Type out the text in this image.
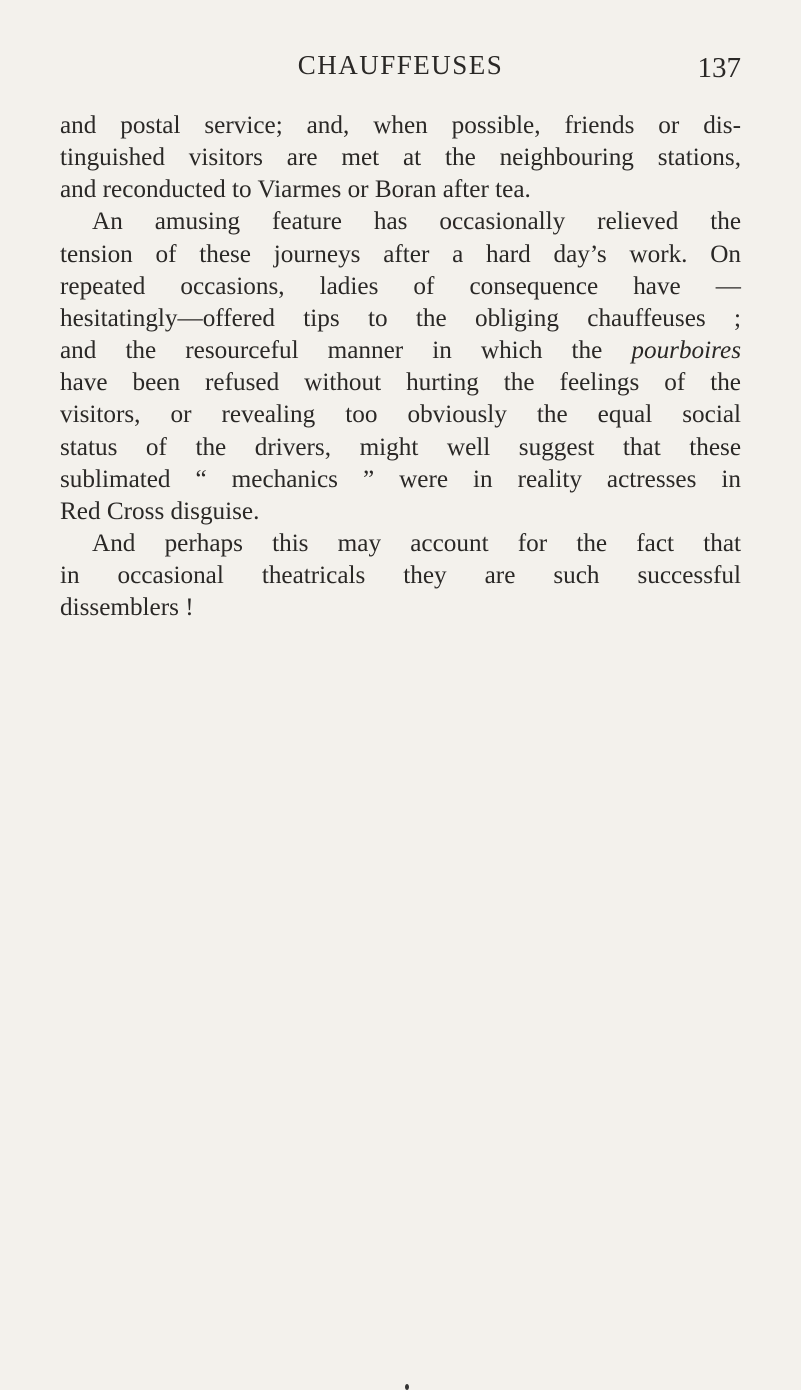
CHAUFFEUSES	137
and postal service; and, when possible, friends or dis-
tinguished visitors are met at the neighbouring stations,
and reconducted to Viarmes or Boran after tea.
An amusing feature has occasionally relieved the
tension of these journeys after a hard day’s work. On
repeated occasions, ladies of consequence have —
hesitatingly—offered tips to the obliging chauffeuses ;
and the resourceful manner in which the pourboires
have been refused without hurting the feelings of the
visitors, or revealing too obviously the equal social
status of the drivers, might well suggest that these
sublimated “ mechanics ” were in reality actresses in
Red Cross disguise.
And perhaps this may account for the fact that
in occasional theatricals they are such successful
dissemblers !
